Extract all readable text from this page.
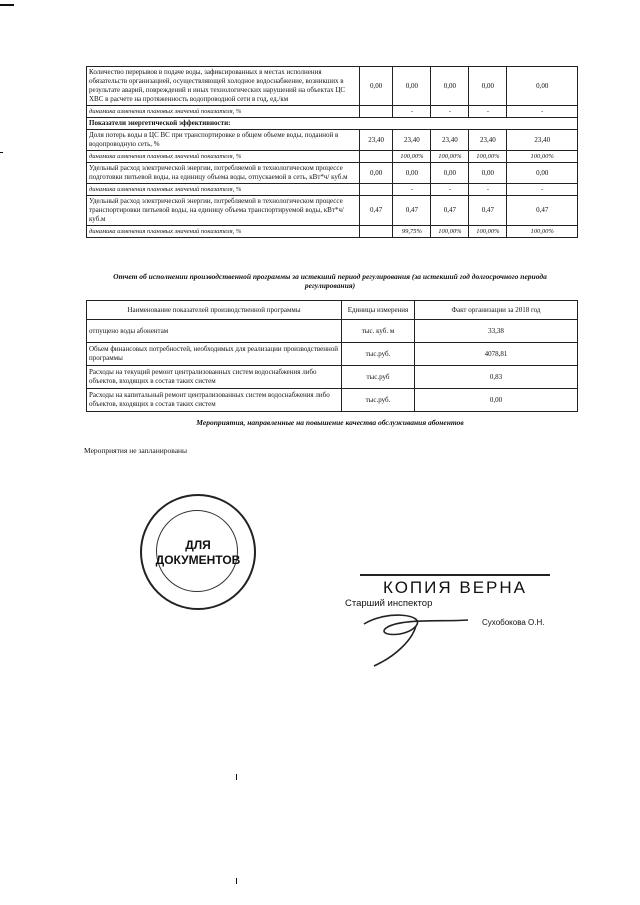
Количество перерывов в подаче воды, зафиксированных в местах исполнения обязательств организацией, осуществляющей холодное водоснабжение, возникших в результате аварий, повреждений и иных технологических нарушений на объектах ЦС ХВС в расчете на протяженность водопроводной сети в год, ед./км	0,00	0,00	0,00	0,00	0,00
динамика изменения плановых значений показателя, %		-	-	-	-
Показатели энергетической эффективности:					
Доля потерь воды в ЦС ВС при транспортировке в общем объеме воды, поданной в водопроводную сеть, %	23,40	23,40	23,40	23,40	23,40
динамика изменения плановых значений показателя, %		100,00%	100,00%	100,00%	100,00%
Удельный расход электрической энергии, потребляемой в технологическом процессе подготовки питьевой воды, на единицу объема воды, отпускаемой в сеть, кВт*ч/ куб.м	0,00	0,00	0,00	0,00	0,00
динамика изменения плановых значений показателя, %		-	-	-	-
Удельный расход электрической энергии, потребляемой в технологическом процессе транспортировки питьевой воды, на единицу объема транспортируемой воды, кВт*ч/ куб.м	0,47	0,47	0,47	0,47	0,47
динамика изменения плановых значений показателя, %		99,75%	100,00%	100,00%	100,00%
Отчет об исполнении производственной программы за истекший период регулирования (за истекший год долгосрочного периода регулирования)
Наименование показателей производственной программы	Единицы измерения	Факт организации за 2018 год
отпущено воды абонентам	тыс. куб. м	33,38
Объем финансовых потребностей, необходимых для реализации производственной программы	тыс.руб.	4078,81
Расходы на текущий ремонт централизованных систем водоснабжения либо объектов, входящих в состав таких систем	тыс.руб	0,83
Расходы на капитальный ремонт централизованных систем водоснабжения либо объектов, входящих в состав таких систем	тыс.руб.	0,00
Мероприятия, направленные на повышение качества обслуживания абонентов
Мероприятия не запланированы
ДЛЯ
ДОКУМЕНТОВ
КОПИЯ ВЕРНА
Старший инспектор
Сухобокова О.Н.
